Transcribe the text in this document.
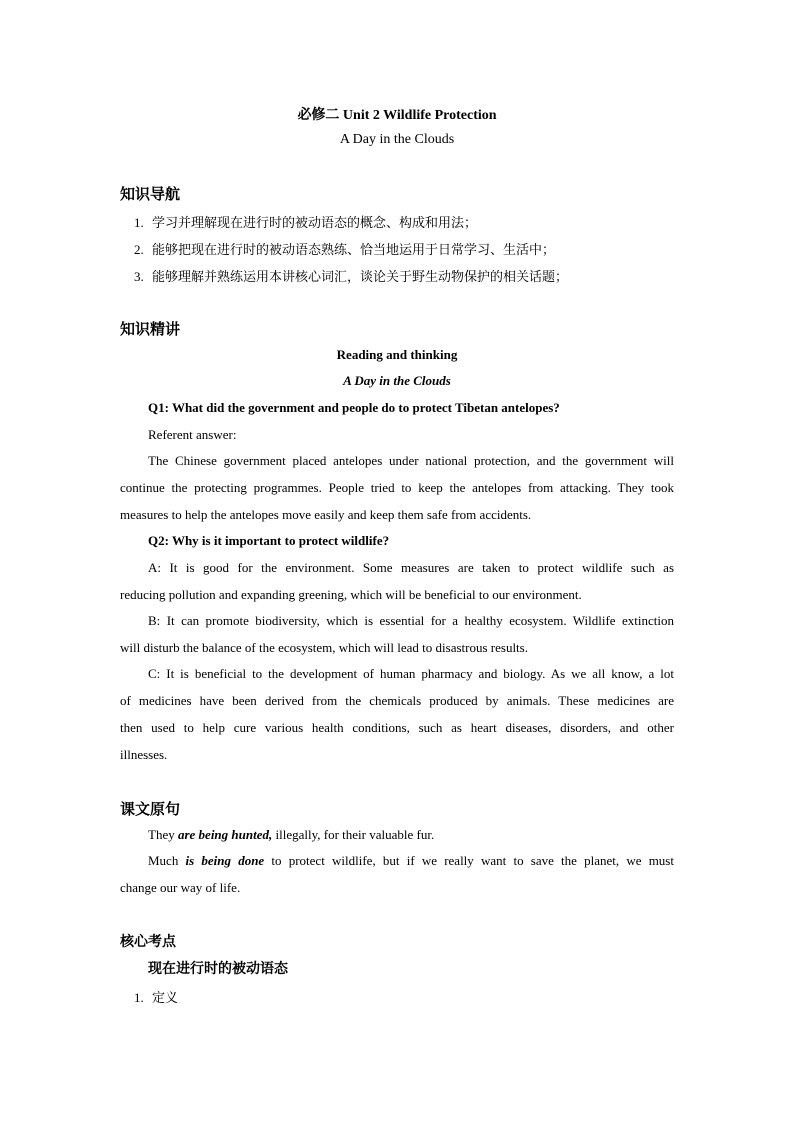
必修二 Unit 2 Wildlife Protection
A Day in the Clouds
知识导航
1. 学习并理解现在进行时的被动语态的概念、构成和用法；
2. 能够把现在进行时的被动语态熟练、恰当地运用于日常学习、生活中；
3. 能够理解并熟练运用本讲核心词汇，谈论关于野生动物保护的相关话题；
知识精讲
Reading and thinking
A Day in the Clouds
Q1: What did the government and people do to protect Tibetan antelopes?
Referent answer:
The Chinese government placed antelopes under national protection, and the government will
continue the protecting programmes. People tried to keep the antelopes from attacking. They took
measures to help the antelopes move easily and keep them safe from accidents.
Q2: Why is it important to protect wildlife?
A: It is good for the environment. Some measures are taken to protect wildlife such as
reducing pollution and expanding greening, which will be beneficial to our environment.
B: It can promote biodiversity, which is essential for a healthy ecosystem. Wildlife extinction
will disturb the balance of the ecosystem, which will lead to disastrous results.
C: It is beneficial to the development of human pharmacy and biology. As we all know, a lot
of medicines have been derived from the chemicals produced by animals. These medicines are
then used to help cure various health conditions, such as heart diseases, disorders, and other
illnesses.
课文原句
They are being hunted, illegally, for their valuable fur.
Much is being done to protect wildlife, but if we really want to save the planet, we must
change our way of life.
核心考点
现在进行时的被动语态
1. 定义
